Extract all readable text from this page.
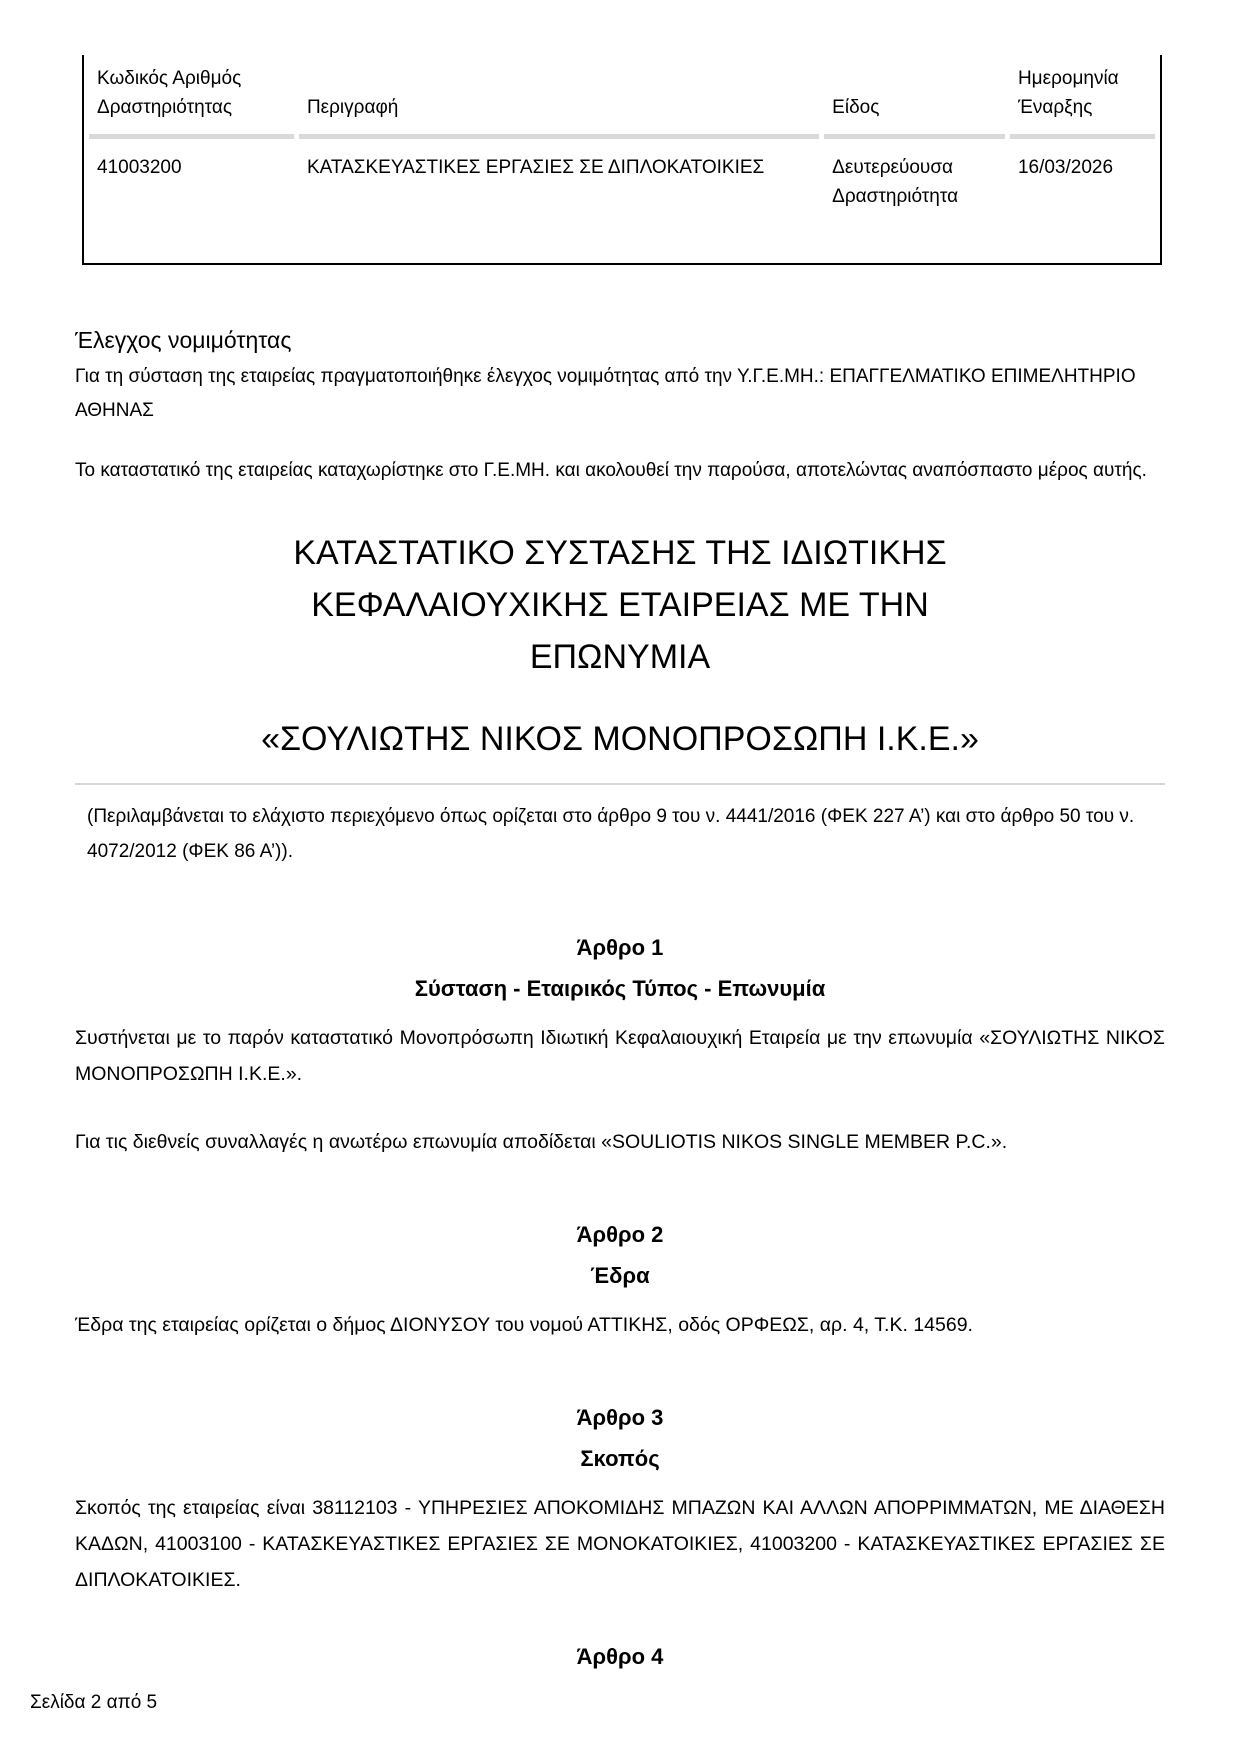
Κωδικός Αριθμός Δραστηριότητας	Περιγραφή	Είδος	Ημερομηνία Έναρξης
41003200	ΚΑΤΑΣΚΕΥΑΣΤΙΚΕΣ ΕΡΓΑΣΙΕΣ ΣΕ ΔΙΠΛΟΚΑΤΟΙΚΙΕΣ	Δευτερεύουσα Δραστηριότητα	16/03/2026
Έλεγχος νομιμότητας

Για τη σύσταση της εταιρείας πραγματοποιήθηκε έλεγχος νομιμότητας από την Υ.Γ.Ε.ΜΗ.: ΕΠΑΓΓΕΛΜΑΤΙΚΟ ΕΠΙΜΕΛΗΤΗΡΙΟ ΑΘΗΝΑΣ

Το καταστατικό της εταιρείας καταχωρίστηκε στο Γ.Ε.ΜΗ. και ακολουθεί την παρούσα, αποτελώντας αναπόσπαστο μέρος αυτής.

ΚΑΤΑΣΤΑΤΙΚΟ ΣΥΣΤΑΣΗΣ ΤΗΣ ΙΔΙΩΤΙΚΗΣ
ΚΕΦΑΛΑΙΟΥΧΙΚΗΣ ΕΤΑΙΡΕΙΑΣ ΜΕ ΤΗΝ
ΕΠΩΝΥΜΙΑ
«ΣΟΥΛΙΩΤΗΣ ΝΙΚΟΣ ΜΟΝΟΠΡΟΣΩΠΗ Ι.Κ.Ε.»

(Περιλαμβάνεται το ελάχιστο περιεχόμενο όπως ορίζεται στο άρθρο 9 του ν. 4441/2016 (ΦΕΚ 227 Α’) και στο άρθρο 50 του ν. 4072/2012 (ΦΕΚ 86 Α’)).

Άρθρο 1
Σύσταση - Εταιρικός Τύπος - Επωνυμία

Συστήνεται με το παρόν καταστατικό Μονοπρόσωπη Ιδιωτική Κεφαλαιουχική Εταιρεία με την επωνυμία «ΣΟΥΛΙΩΤΗΣ ΝΙΚΟΣ ΜΟΝΟΠΡΟΣΩΠΗ Ι.Κ.Ε.».

Για τις διεθνείς συναλλαγές η ανωτέρω επωνυμία αποδίδεται «SOULIOTIS NIKOS SINGLE MEMBER P.C.».

Άρθρο 2
Έδρα

Έδρα της εταιρείας ορίζεται ο δήμος ΔΙΟΝΥΣΟΥ του νομού ΑΤΤΙΚΗΣ, οδός ΟΡΦΕΩΣ, αρ. 4, Τ.Κ. 14569.

Άρθρο 3
Σκοπός

Σκοπός της εταιρείας είναι 38112103 - ΥΠΗΡΕΣΙΕΣ ΑΠΟΚΟΜΙΔΗΣ ΜΠΑΖΩΝ ΚΑΙ ΑΛΛΩΝ ΑΠΟΡΡΙΜΜΑΤΩΝ, ΜΕ ΔΙΑΘΕΣΗ ΚΑΔΩΝ, 41003100 - ΚΑΤΑΣΚΕΥΑΣΤΙΚΕΣ ΕΡΓΑΣΙΕΣ ΣΕ ΜΟΝΟΚΑΤΟΙΚΙΕΣ, 41003200 - ΚΑΤΑΣΚΕΥΑΣΤΙΚΕΣ ΕΡΓΑΣΙΕΣ ΣΕ ΔΙΠΛΟΚΑΤΟΙΚΙΕΣ.

Άρθρο 4
Σελίδα 2 από 5
